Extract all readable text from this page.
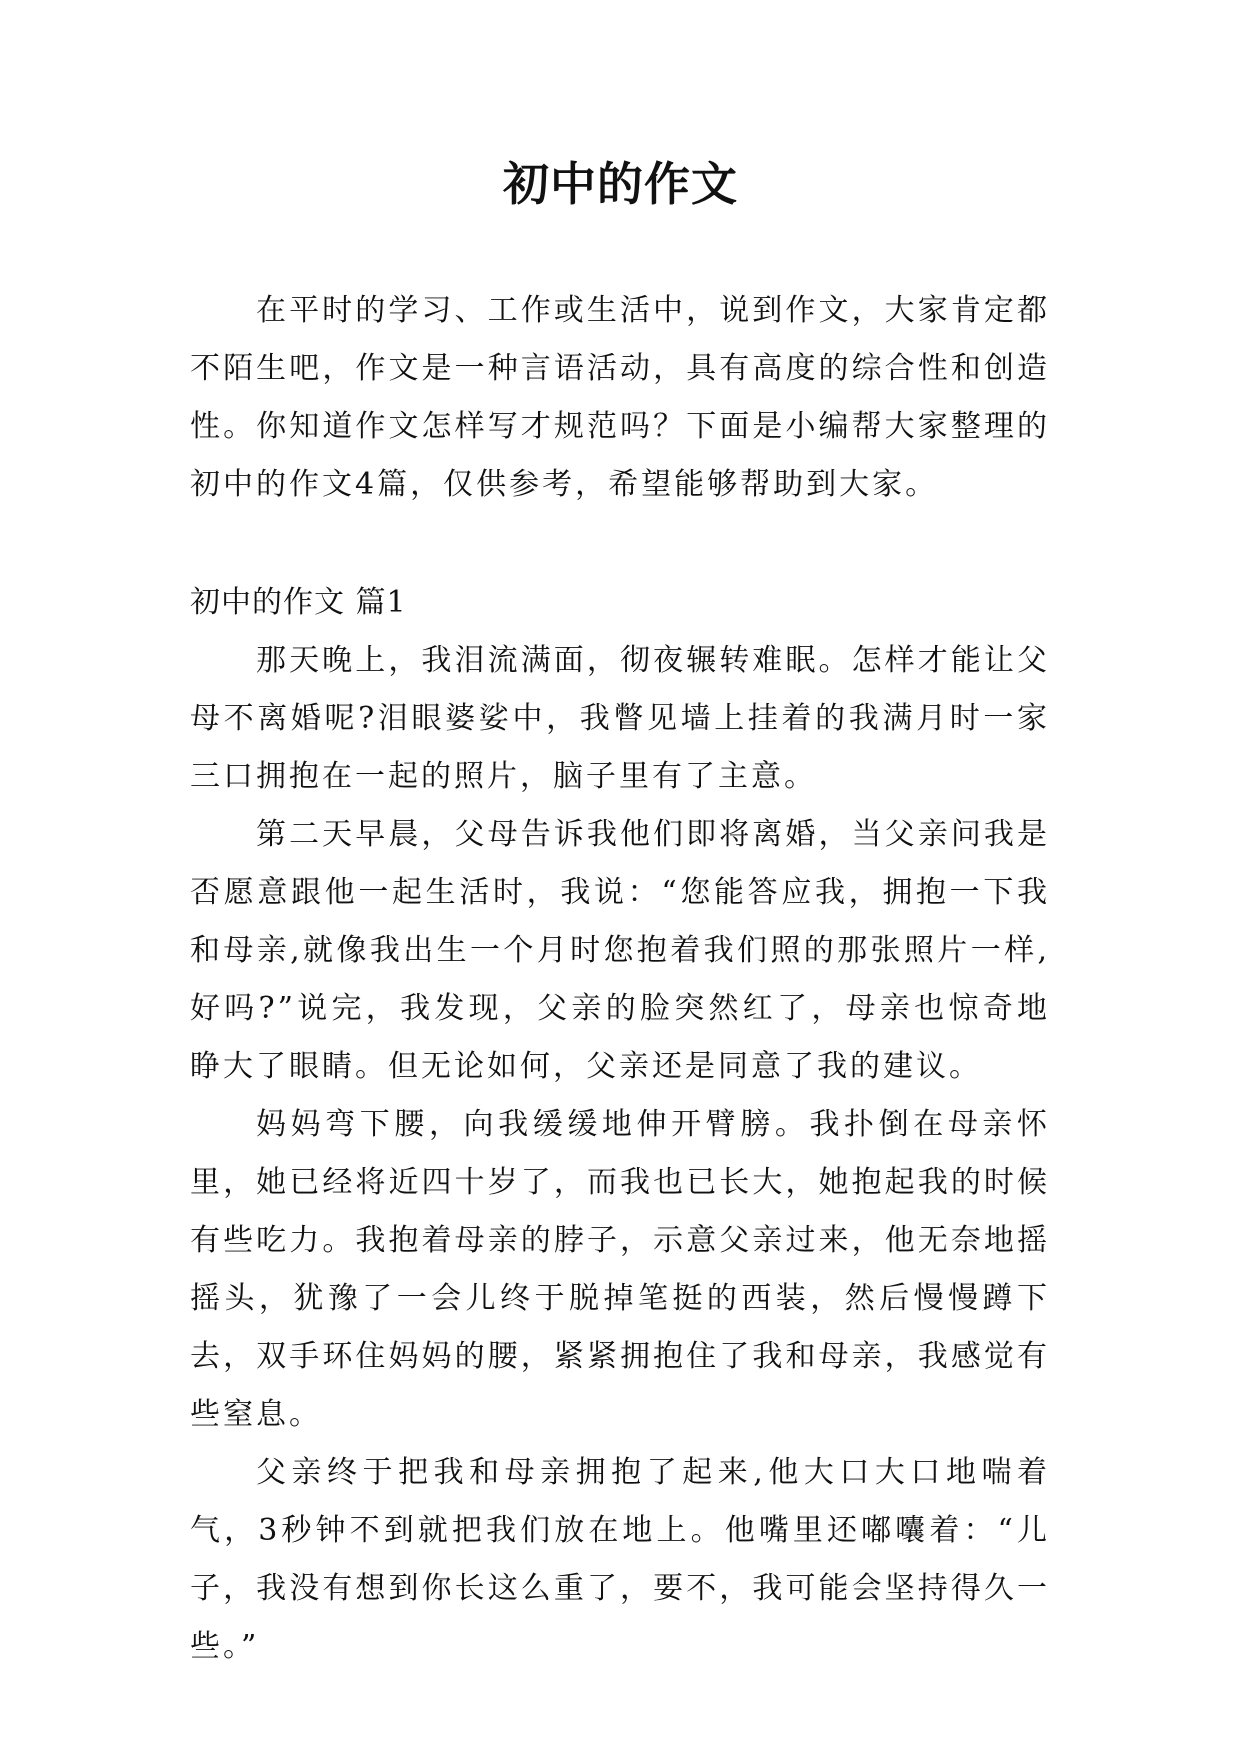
初中的作文

在平时的学习、工作或生活中，说到作文，大家肯定都不陌生吧，作文是一种言语活动，具有高度的综合性和创造性。你知道作文怎样写才规范吗？下面是小编帮大家整理的初中的作文4篇，仅供参考，希望能够帮助到大家。

初中的作文 篇1

那天晚上，我泪流满面，彻夜辗转难眠。怎样才能让父母不离婚呢?泪眼婆娑中，我瞥见墙上挂着的我满月时一家三口拥抱在一起的照片，脑子里有了主意。

第二天早晨，父母告诉我他们即将离婚，当父亲问我是否愿意跟他一起生活时，我说：“您能答应我，拥抱一下我和母亲,就像我出生一个月时您抱着我们照的那张照片一样,好吗?”说完，我发现，父亲的脸突然红了，母亲也惊奇地睁大了眼睛。但无论如何，父亲还是同意了我的建议。

妈妈弯下腰，向我缓缓地伸开臂膀。我扑倒在母亲怀里，她已经将近四十岁了，而我也已长大，她抱起我的时候有些吃力。我抱着母亲的脖子，示意父亲过来，他无奈地摇摇头，犹豫了一会儿终于脱掉笔挺的西装，然后慢慢蹲下去，双手环住妈妈的腰，紧紧拥抱住了我和母亲，我感觉有些窒息。

父亲终于把我和母亲拥抱了起来,他大口大口地喘着气，3秒钟不到就把我们放在地上。他嘴里还嘟囔着：“儿子，我没有想到你长这么重了，要不，我可能会坚持得久一些。”
